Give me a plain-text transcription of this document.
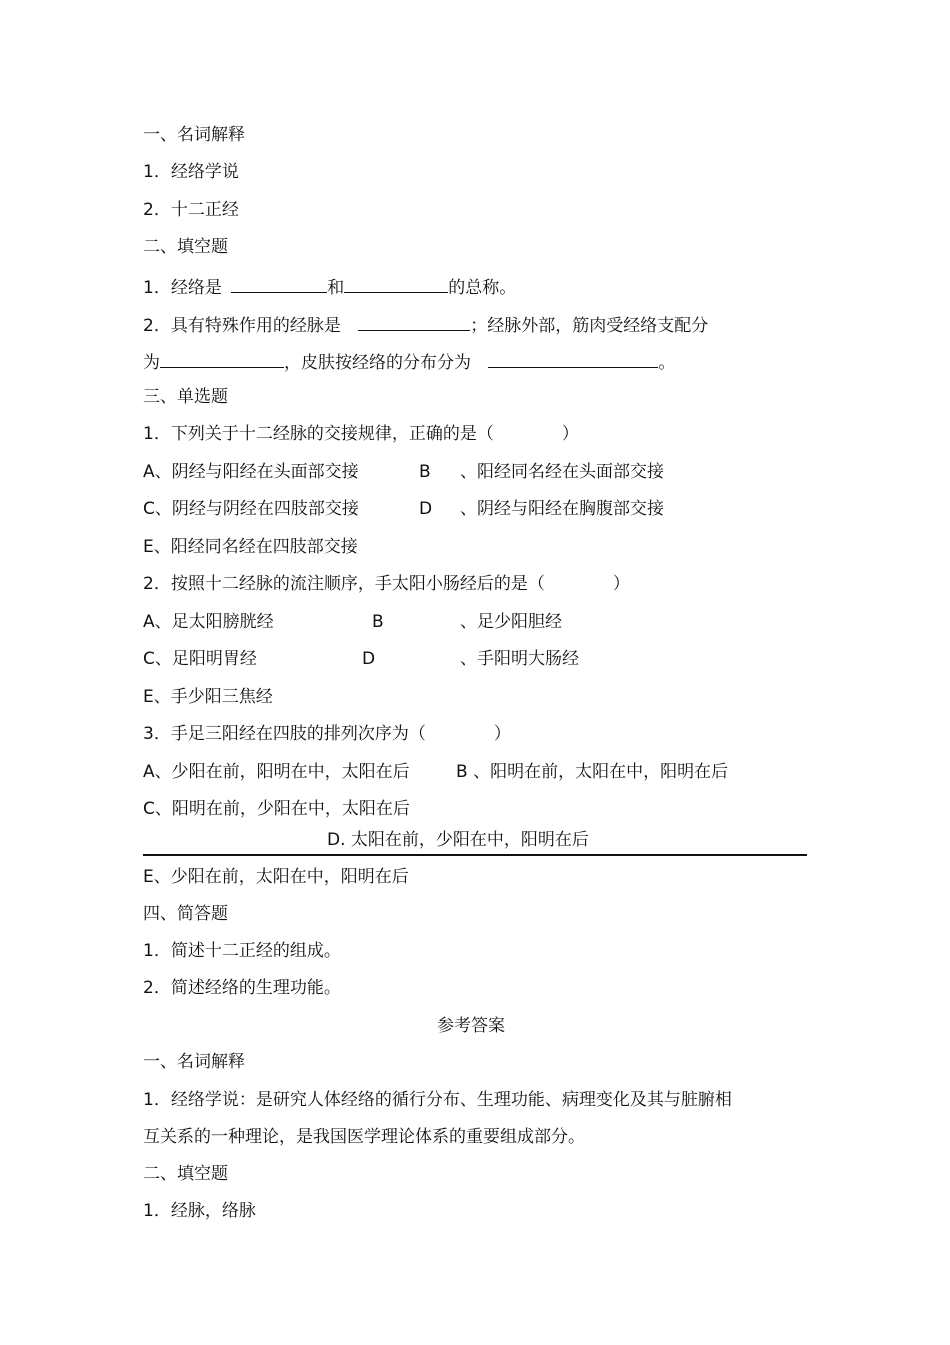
一、名词解释
1．经络学说
2．十二正经
二、填空题
1．经络是	和	的总称。
2．具有特殊作用的经脉是	；经脉外部，筋肉受经络支配分
为	，皮肤按经络的分布分为	。
三、单选题
1．下列关于十二经脉的交接规律，正确的是（　　　　）
A、阴经与阳经在头面部交接	B 、阳经同名经在头面部交接
C、阴经与阴经在四肢部交接	D 、阴经与阳经在胸腹部交接
E、阳经同名经在四肢部交接
2．按照十二经脉的流注顺序，手太阳小肠经后的是（　　　　）
A、足太阳膀胱经	B	、足少阳胆经
C、足阳明胃经	D	、手阳明大肠经
E、手少阳三焦经
3．手足三阳经在四肢的排列次序为（　　　　）
A、少阳在前，阳明在中，太阳在后	B 、阳明在前，太阳在中，阳明在后
C、阳明在前，少阳在中，太阳在后
D. 太阳在前，少阳在中，阳明在后
E、少阳在前，太阳在中，阳明在后
四、简答题
1．简述十二正经的组成。
2．简述经络的生理功能。
参考答案
一、名词解释
1．经络学说：是研究人体经络的循行分布、生理功能、病理变化及其与脏腑相
互关系的一种理论，是我国医学理论体系的重要组成部分。
二、填空题
1．经脉，络脉
